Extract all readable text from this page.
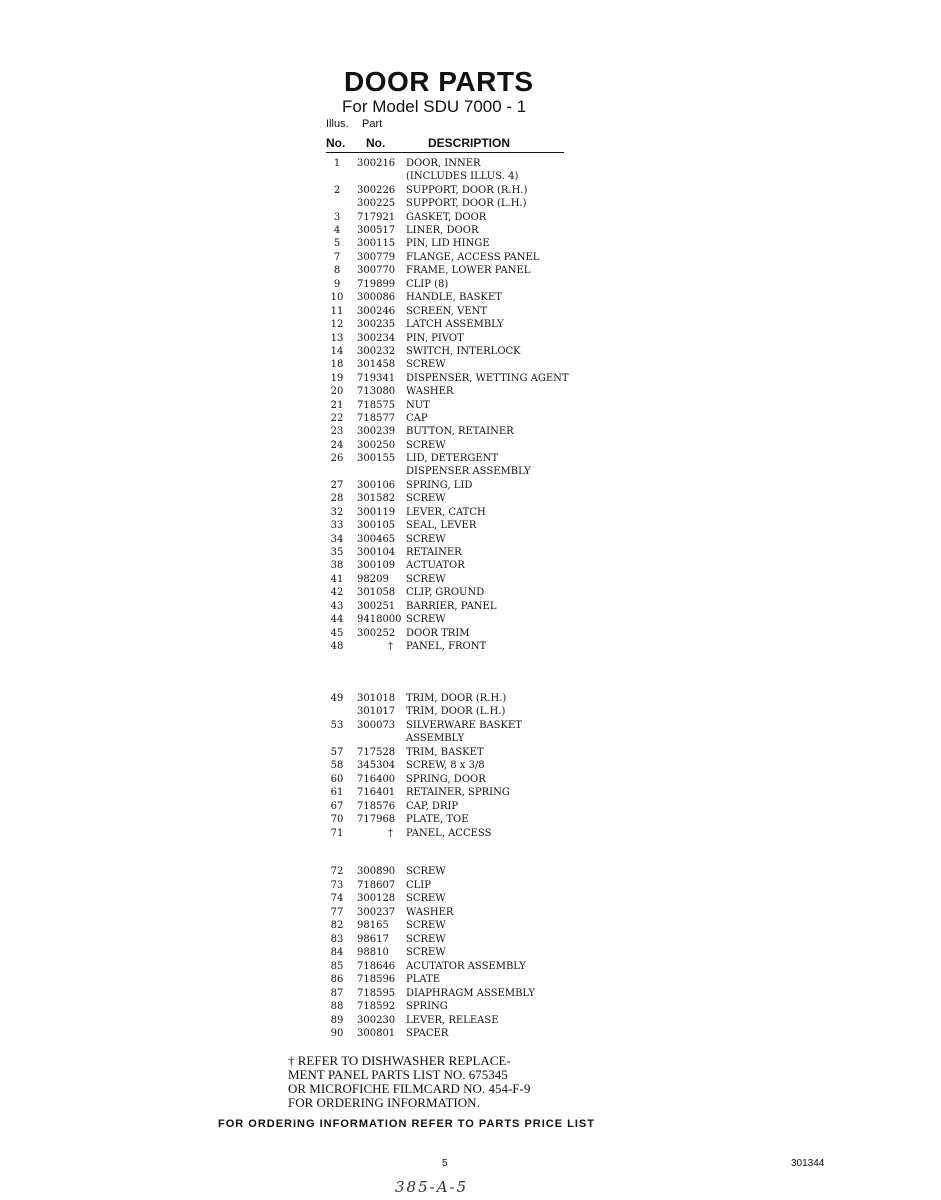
DOOR PARTS
For Model SDU 7000 - 1
Illus. Part
No. No.	DESCRIPTION
1	300216	DOOR, INNER
(INCLUDES ILLUS. 4)
2	300226	SUPPORT, DOOR (R.H.)
300225	SUPPORT, DOOR (L.H.)
3	717921	GASKET, DOOR
4	300517	LINER, DOOR
5	300115	PIN, LID HINGE
7	300779	FLANGE, ACCESS PANEL
8	300770	FRAME, LOWER PANEL
9	719899	CLIP (8)
10 300086	HANDLE, BASKET
11 300246	SCREEN, VENT
12 300235	LATCH ASSEMBLY
13 300234	PIN, PIVOT
14 300232	SWITCH, INTERLOCK
18 301458	SCREW
19 719341	DISPENSER, WETTING AGENT
20 713080	WASHER
21 718575	NUT
22 718577	CAP
23 300239	BUTTON, RETAINER
24 300250	SCREW
26 300155	LID, DETERGENT
DISPENSER ASSEMBLY
27 300106	SPRING, LID
28 301582	SCREW
32 300119	LEVER, CATCH
33 300105	SEAL, LEVER
34 300465	SCREW
35 300104	RETAINER
38 300109	ACTUATOR
41 98209	SCREW
42 301058	CLIP, GROUND
43 300251	BARRIER, PANEL
44 9418000 SCREW
45 300252	DOOR TRIM
48	† PANEL, FRONT
49 301018	TRIM, DOOR (R.H.)
301017	TRIM, DOOR (L.H.)
53 300073	SILVERWARE BASKET
ASSEMBLY
57 717528	TRIM, BASKET
58 345304	SCREW, 8 x 3/8
60 716400	SPRING, DOOR
61 716401	RETAINER, SPRING
67 718576	CAP, DRIP
70 717968	PLATE, TOE
71	† PANEL, ACCESS
72 300890	SCREW
73 718607	CLIP
74 300128	SCREW
77 300237	WASHER
82 98165	SCREW
83 98617	SCREW
84 98810	SCREW
85 718646	ACUTATOR ASSEMBLY
86 718596	PLATE
87 718595	DIAPHRAGM ASSEMBLY
88 718592	SPRING
89 300230	LEVER, RELEASE
90 300801	SPACER
† REFER TO DISHWASHER REPLACE-
MENT PANEL PARTS LIST NO. 675345
OR MICROFICHE FILMCARD NO. 454-F-9
FOR ORDERING INFORMATION.
FOR ORDERING INFORMATION REFER TO PARTS PRICE LIST
5	301344
385-A-5
